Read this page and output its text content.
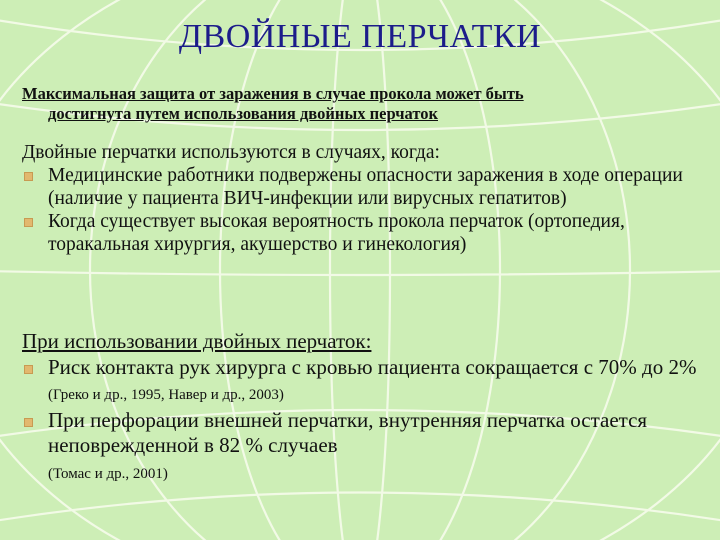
ДВОЙНЫЕ ПЕРЧАТКИ
Максимальная защита от заражения в случае прокола может быть
достигнута путем использования двойных перчаток
Двойные перчатки используются в случаях, когда:
Медицинские работники подвержены опасности заражения в ходе операции (наличие у пациента ВИЧ-инфекции или вирусных гепатитов)
Когда существует высокая вероятность прокола перчаток (ортопедия, торакальная хирургия, акушерство и гинекология)
При использовании двойных перчаток:
Риск контакта рук хирурга с кровью пациента сокращается с 70% до 2% (Греко и др., 1995, Навер и др., 2003)
При перфорации внешней перчатки, внутренняя перчатка остается неповрежденной в 82 % случаев
(Томас и др., 2001)
